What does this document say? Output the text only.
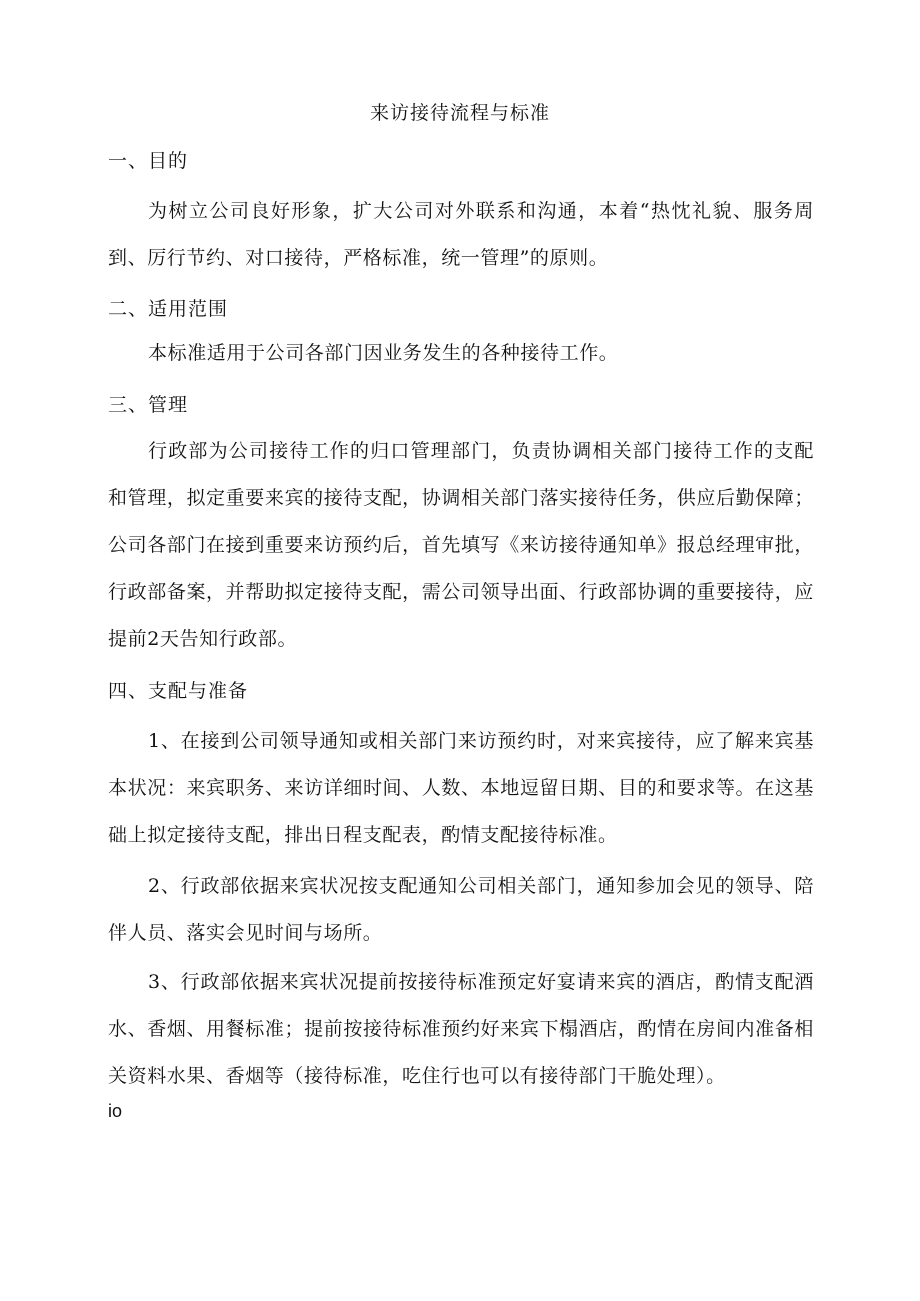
来访接待流程与标准
一、目的

为树立公司良好形象，扩大公司对外联系和沟通，本着“热忱礼貌、服务周到、厉行节约、对口接待，严格标准，统一管理”的原则。

二、适用范围

本标准适用于公司各部门因业务发生的各种接待工作。

三、管理

行政部为公司接待工作的归口管理部门，负责协调相关部门接待工作的支配和管理，拟定重要来宾的接待支配，协调相关部门落实接待任务，供应后勤保障；公司各部门在接到重要来访预约后，首先填写《来访接待通知单》报总经理审批，行政部备案，并帮助拟定接待支配，需公司领导出面、行政部协调的重要接待，应提前2天告知行政部。

四、支配与准备

1、在接到公司领导通知或相关部门来访预约时，对来宾接待，应了解来宾基本状况：来宾职务、来访详细时间、人数、本地逗留日期、目的和要求等。在这基础上拟定接待支配，排出日程支配表，酌情支配接待标准。

2、行政部依据来宾状况按支配通知公司相关部门，通知参加会见的领导、陪伴人员、落实会见时间与场所。

3、行政部依据来宾状况提前按接待标准预定好宴请来宾的酒店，酌情支配酒水、香烟、用餐标准；提前按接待标准预约好来宾下榻酒店，酌情在房间内准备相关资料水果、香烟等（接待标准，吃住行也可以有接待部门干脆处理）。

io
